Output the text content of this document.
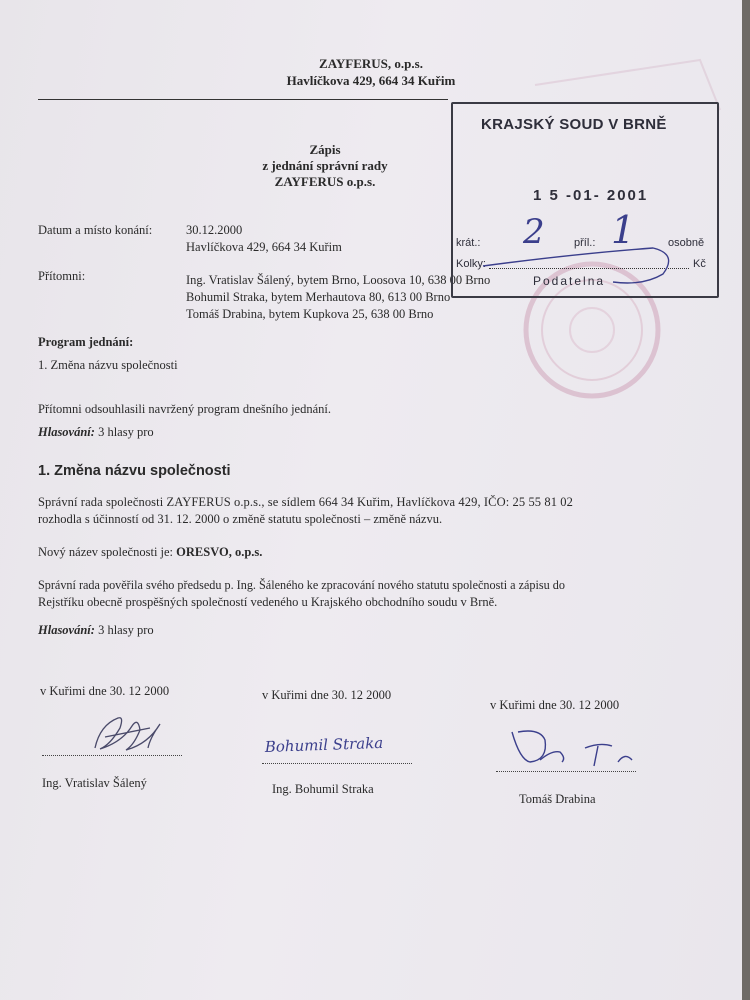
ZAYFERUS, o.p.s.
Havlíčkova 429, 664 34 Kuřim
Zápis
z jednání správní rady
ZAYFERUS o.p.s.
Datum a místo konání:	30.12.2000
Havlíčkova 429, 664 34 Kuřim
Přítomni:	Ing. Vratislav Šálený, bytem Brno, Loosova 10, 638 00 Brno
Bohumil Straka, bytem Merhautova 80, 613 00 Brno
Tomáš Drabina, bytem Kupkova 25, 638 00 Brno
Program jednání:
1. Změna názvu společnosti
Přítomni odsouhlasili navržený program dnešního jednání.
Hlasování: 3 hlasy pro
1. Změna názvu společnosti
Správní rada společnosti ZAYFERUS o.p.s., se sídlem 664 34 Kuřim, Havlíčkova 429, IČO: 25 55 81 02
rozhodla s účinností od 31. 12. 2000 o změně statutu společnosti – změně názvu.
Nový název společnosti je: ORESVO, o.p.s.
Správní rada pověřila svého předsedu p. Ing. Šáleného ke zpracování nového statutu společnosti a zápisu do
Rejstříku obecně prospěšných společností vedeného u Krajského obchodního soudu v Brně.
Hlasování: 3 hlasy pro
v Kuřimi dne 30. 12 2000	v Kuřimi dne 30. 12 2000
v Kuřimi dne 30. 12 2000
Bohumil Straka
Ing. Vratislav Šálený	Ing. Bohumil Straka
Tomáš Drabina
KRAJSKÝ SOUD V BRNĚ
1 5 -01- 2001
krát.:	příl.:	osobně
Kolky:	Kč
Podatelna
2 1
